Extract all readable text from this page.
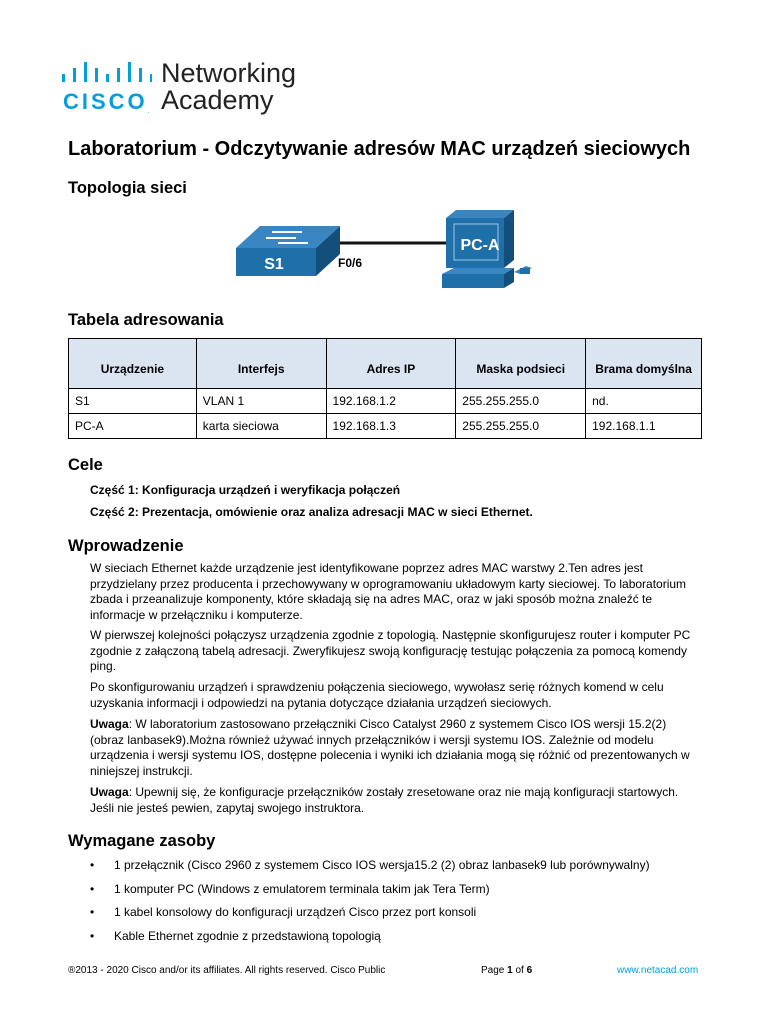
CISCO.
Networking
Academy
Laboratorium - Odczytywanie adresów MAC urządzeń sieciowych
Topologia sieci
S1	F0/6
PC-A
Tabela adresowania
Urządzenie	Interfejs	Adres IP	Maska podsieci	Brama domyślna
S1	VLAN 1	192.168.1.2	255.255.255.0	nd.
PC-A	karta sieciowa	192.168.1.3	255.255.255.0	192.168.1.1
Cele
Część 1: Konfiguracja urządzeń i weryfikacja połączeń
Część 2: Prezentacja, omówienie oraz analiza adresacji MAC w sieci Ethernet.
Wprowadzenie
W sieciach Ethernet każde urządzenie jest identyfikowane poprzez adres MAC warstwy 2.Ten adres jest przydzielany przez producenta i przechowywany w oprogramowaniu układowym karty sieciowej. To laboratorium zbada i przeanalizuje komponenty, które składają się na adres MAC, oraz w jaki sposób można znaleźć te informacje w przełączniku i komputerze.
W pierwszej kolejności połączysz urządzenia zgodnie z topologią. Następnie skonfigurujesz router i komputer PC zgodnie z załączoną tabelą adresacji. Zweryfikujesz swoją konfigurację testując połączenia za pomocą komendy ping.
Po skonfigurowaniu urządzeń i sprawdzeniu połączenia sieciowego, wywołasz serię różnych komend w celu uzyskania informacji i odpowiedzi na pytania dotyczące działania urządzeń sieciowych.
Uwaga: W laboratorium zastosowano przełączniki Cisco Catalyst 2960 z systemem Cisco IOS wersji 15.2(2) (obraz lanbasek9).Można również używać innych przełączników i wersji systemu IOS. Zależnie od modelu urządzenia i wersji systemu IOS, dostępne polecenia i wyniki ich działania mogą się różnić od prezentowanych w niniejszej instrukcji.
Uwaga: Upewnij się, że konfiguracje przełączników zostały zresetowane oraz nie mają konfiguracji startowych. Jeśli nie jesteś pewien, zapytaj swojego instruktora.
Wymagane zasoby
• 1 przełącznik (Cisco 2960 z systemem Cisco IOS wersja15.2 (2) obraz lanbasek9 lub porównywalny)
• 1 komputer PC (Windows z emulatorem terminala takim jak Tera Term)
• 1 kabel konsolowy do konfiguracji urządzeń Cisco przez port konsoli
• Kable Ethernet zgodnie z przedstawioną topologią
®2013 - 2020 Cisco and/or its affiliates. All rights reserved. Cisco Public	Page 1 of 6	www.netacad.com
